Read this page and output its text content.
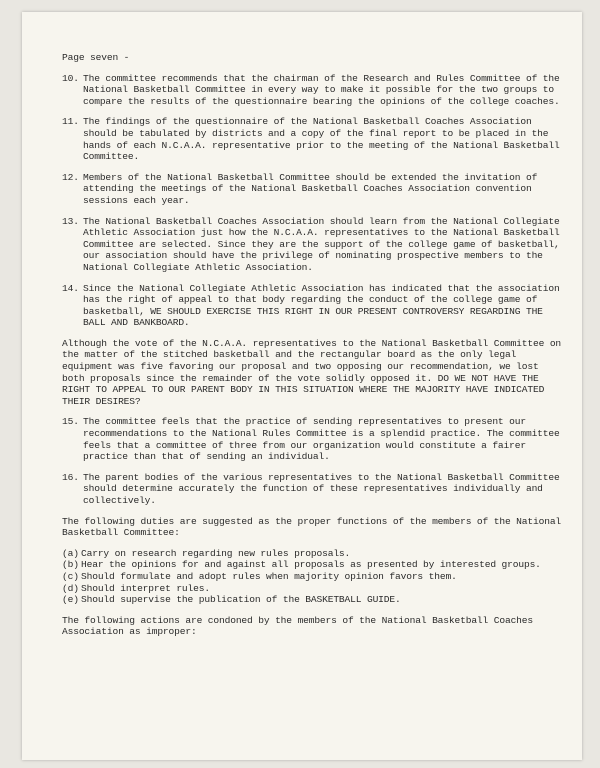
Page seven -
10. The committee recommends that the chairman of the Research and Rules Committee of the National Basketball Committee in every way to make it possible for the two groups to compare the results of the questionnaire bearing the opinions of the college coaches.
11. The findings of the questionnaire of the National Basketball Coaches Association should be tabulated by districts and a copy of the final report to be placed in the hands of each N.C.A.A. representative prior to the meeting of the National Basketball Committee.
12. Members of the National Basketball Committee should be extended the invitation of attending the meetings of the National Basketball Coaches Association convention sessions each year.
13. The National Basketball Coaches Association should learn from the National Collegiate Athletic Association just how the N.C.A.A. representatives to the National Basketball Committee are selected. Since they are the support of the college game of basketball, our association should have the privilege of nominating prospective members to the National Collegiate Athletic Association.
14. Since the National Collegiate Athletic Association has indicated that the association has the right of appeal to that body regarding the conduct of the college game of basketball, WE SHOULD EXERCISE THIS RIGHT IN OUR PRESENT CONTROVERSY REGARDING THE BALL AND BANKBOARD.
Although the vote of the N.C.A.A. representatives to the National Basketball Committee on the matter of the stitched basketball and the rectangular board as the only legal equipment was five favoring our proposal and two opposing our recommendation, we lost both proposals since the remainder of the vote solidly opposed it. DO WE NOT HAVE THE RIGHT TO APPEAL TO OUR PARENT BODY IN THIS SITUATION WHERE THE MAJORITY HAVE INDICATED THEIR DESIRES?
15. The committee feels that the practice of sending representatives to present our recommendations to the National Rules Committee is a splendid practice. The committee feels that a committee of three from our organization would constitute a fairer practice than that of sending an individual.
16. The parent bodies of the various representatives to the National Basketball Committee should determine accurately the function of these representatives individually and collectively.
The following duties are suggested as the proper functions of the members of the National Basketball Committee:
(a) Carry on research regarding new rules proposals.
(b) Hear the opinions for and against all proposals as presented by interested groups.
(c) Should formulate and adopt rules when majority opinion favors them.
(d) Should interpret rules.
(e) Should supervise the publication of the BASKETBALL GUIDE.
The following actions are condoned by the members of the National Basketball Coaches Association as improper:
